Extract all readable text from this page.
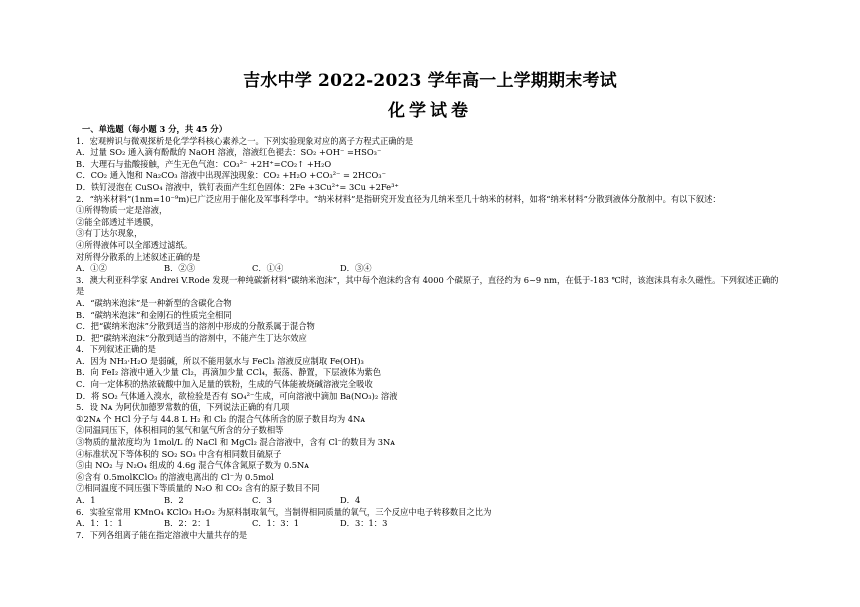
吉水中学 2022-2023 学年高一上学期期末考试
化学试卷
一、单选题（每小题 3 分，共 45 分）
1．宏观辨识与微观探析是化学学科核心素养之一。下列实验现象对应的离子方程式正确的是
A．过量 SO₂ 通入滴有酚酞的 NaOH 溶液，溶液红色褪去：SO₂ +OH⁻ =HSO₃⁻
B．大理石与盐酸接触，产生无色气泡：CO₃²⁻ +2H⁺=CO₂↑ +H₂O
C．CO₂ 通入饱和 Na₂CO₃ 溶液中出现浑浊现象：CO₂ +H₂O +CO₃²⁻ = 2HCO₃⁻
D．铁钉浸泡在 CuSO₄ 溶液中，铁钉表面产生红色固体：2Fe +3Cu²⁺= 3Cu +2Fe³⁺
2．“纳米材料”(1nm=10⁻⁹m)已广泛应用于催化及军事科学中。“纳米材料”是指研究开发直径为几纳米至几十纳米的材料，如将“纳米材料”分散到液体分散剂中。有以下叙述：
①所得物质一定是溶液，
②能全部透过半透膜，
③有丁达尔现象，
④所得液体可以全部透过滤纸。
对所得分散系的上述叙述正确的是
A．①②	B．②③	C．①④	D．③④
3．澳大利亚科学家 Andrei V.Rode 发现一种纯碳新材料“碳纳米泡沫”，其中每个泡沫约含有 4000 个碳原子，直径约为 6~9 nm，在低于-183 ℃时，该泡沫具有永久磁性。下列叙述正确的
是
A．“碳纳米泡沫”是一种新型的含碳化合物
B．“碳纳米泡沫”和金刚石的性质完全相同
C．把“碳纳米泡沫”分散到适当的溶剂中形成的分散系属于混合物
D．把“碳纳米泡沫”分散到适当的溶剂中，不能产生丁达尔效应
4．下列叙述正确的是
A．因为 NH₃·H₂O 是弱碱，所以不能用氨水与 FeCl₃ 溶液反应制取 Fe(OH)₃
B．向 FeI₂ 溶液中通入少量 Cl₂，再滴加少量 CCl₄，振荡、静置，下层液体为紫色
C．向一定体积的热浓硫酸中加入足量的铁粉，生成的气体能被烧碱溶液完全吸收
D．将 SO₂ 气体通入溴水，欲检验是否有 SO₄²⁻生成，可向溶液中滴加 Ba(NO₃)₂ 溶液
5．设 Nᴀ 为阿伏加德罗常数的值，下列说法正确的有几项
①2Nᴀ 个 HCl 分子与 44.8 L H₂ 和 Cl₂ 的混合气体所含的原子数目均为 4Nᴀ
②同温同压下，体积相同的氢气和氩气所含的分子数相等
③物质的量浓度均为 1mol/L 的 NaCl 和 MgCl₂ 混合溶液中，含有 Cl⁻的数目为 3Nᴀ
④标准状况下等体积的 SO₂ SO₃ 中含有相同数目硫原子
⑤由 NO₂ 与 N₂O₄ 组成的 4.6g 混合气体含氮原子数为 0.5Nᴀ
⑥含有 0.5molKClO₃ 的溶液电离出的 Cl⁻为 0.5mol
⑦相同温度不同压强下等质量的 N₂O 和 CO₂ 含有的原子数目不同
A．1	B．2	C．3	D．4
6．实验室常用 KMnO₄ KClO₃ H₂O₂ 为原料制取氧气，当制得相同质量的氧气，三个反应中电子转移数目之比为
A．1：1：1	B．2：2：1	C．1：3：1	D．3：1：3
7．下列各组离子能在指定溶液中大量共存的是
